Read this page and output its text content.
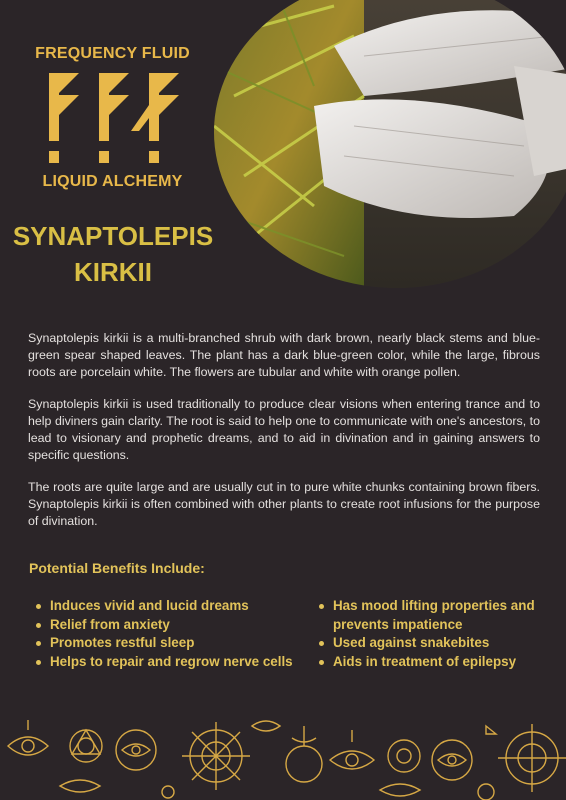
FREQUENCY FLUID
LIQUID ALCHEMY
SYNAPTOLEPIS
KIRKII

Synaptolepis kirkii is a multi-branched shrub with dark brown, nearly black stems and blue-green spear shaped leaves. The plant has a dark blue-green color, while the large, fibrous roots are porcelain white. The flowers are tubular and white with orange pollen.

Synaptolepis kirkii is used traditionally to produce clear visions when entering trance and to help diviners gain clarity. The root is said to help one to communicate with one's ancestors, to lead to visionary and prophetic dreams, and to aid in divination and in gaining answers to specific questions.

The roots are quite large and are usually cut in to pure white chunks containing brown fibers. Synaptolepis kirkii is often combined with other plants to create root infusions for the purpose of divination.

Potential Benefits Include:
Induces vivid and lucid dreams
Relief from anxiety
Promotes restful sleep
Helps to repair and regrow nerve cells
Has mood lifting properties and prevents impatience
Used against snakebites
Aids in treatment of epilepsy
